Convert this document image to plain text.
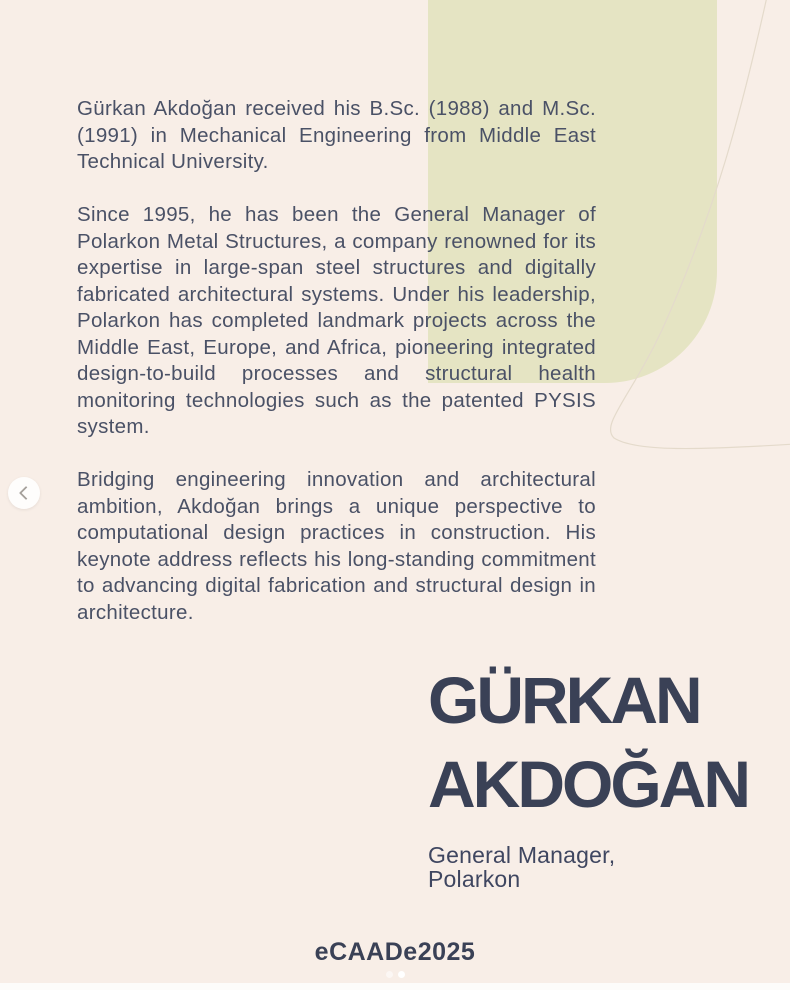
Gürkan Akdoğan received his B.Sc. (1988) and M.Sc. (1991) in Mechanical Engineering from Middle East Technical University.

Since 1995, he has been the General Manager of Polarkon Metal Structures, a company renowned for its expertise in large-span steel structures and digitally fabricated architectural systems. Under his leadership, Polarkon has completed landmark projects across the Middle East, Europe, and Africa, pioneering integrated design-to-build processes and structural health monitoring technologies such as the patented PYSIS system.

Bridging engineering innovation and architectural ambition, Akdoğan brings a unique perspective to computational design practices in construction. His keynote address reflects his long-standing commitment to advancing digital fabrication and structural design in architecture.

GÜRKAN
AKDOĞAN
General Manager,
Polarkon
eCAADe2025
